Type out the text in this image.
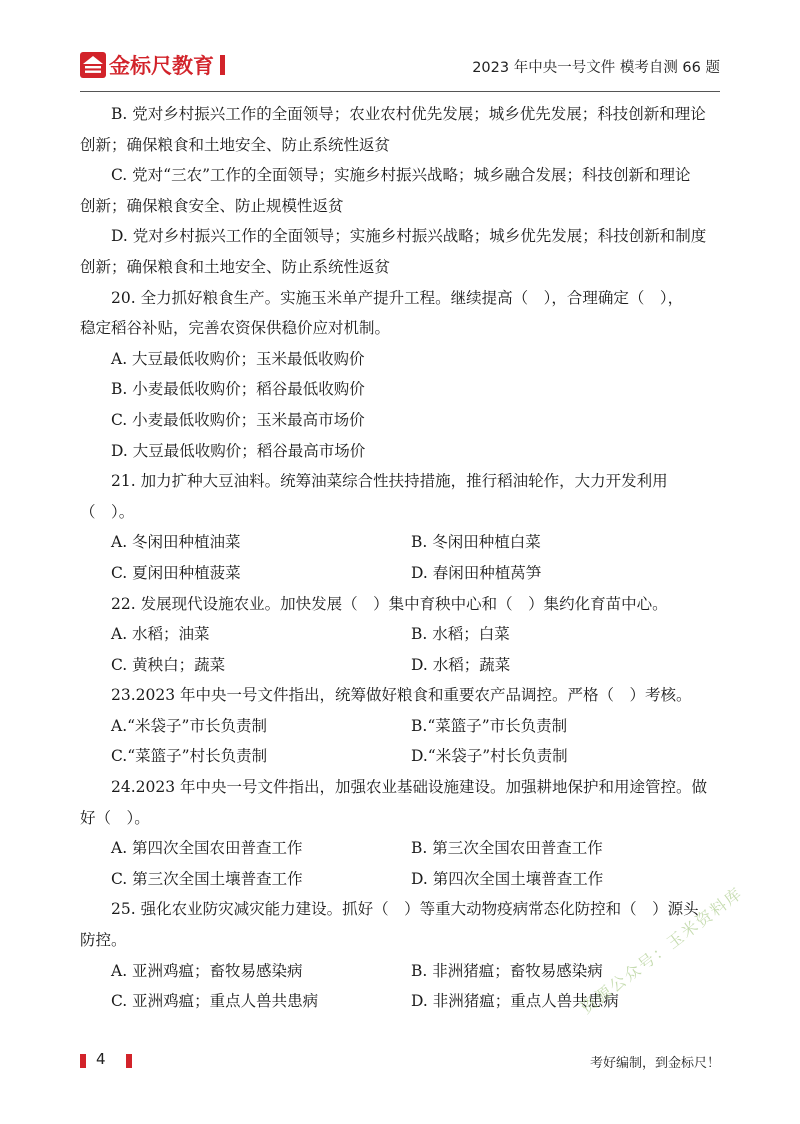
金标尺教育	2023 年中央一号文件 模考自测 66 题
B. 党对乡村振兴工作的全面领导；农业农村优先发展；城乡优先发展；科技创新和理论
创新；确保粮食和土地安全、防止系统性返贫
C. 党对“三农”工作的全面领导；实施乡村振兴战略；城乡融合发展；科技创新和理论
创新；确保粮食安全、防止规模性返贫
D. 党对乡村振兴工作的全面领导；实施乡村振兴战略；城乡优先发展；科技创新和制度
创新；确保粮食和土地安全、防止系统性返贫
20. 全力抓好粮食生产。实施玉米单产提升工程。继续提高（　），合理确定（　），
稳定稻谷补贴，完善农资保供稳价应对机制。
A. 大豆最低收购价；玉米最低收购价
B. 小麦最低收购价；稻谷最低收购价
C. 小麦最低收购价；玉米最高市场价
D. 大豆最低收购价；稻谷最高市场价
21. 加力扩种大豆油料。统筹油菜综合性扶持措施，推行稻油轮作，大力开发利用
（　）。
A. 冬闲田种植油菜	B. 冬闲田种植白菜
C. 夏闲田种植菠菜	D. 春闲田种植莴笋
22. 发展现代设施农业。加快发展（　）集中育秧中心和（　）集约化育苗中心。
A. 水稻；油菜	B. 水稻；白菜
C. 黄秧白；蔬菜	D. 水稻；蔬菜
23.2023 年中央一号文件指出，统筹做好粮食和重要农产品调控。严格（　）考核。
A.“米袋子”市长负责制	B.“菜篮子”市长负责制
C.“菜篮子”村长负责制	D.“米袋子”村长负责制
24.2023 年中央一号文件指出，加强农业基础设施建设。加强耕地保护和用途管控。做
好（　）。
A. 第四次全国农田普查工作	B. 第三次全国农田普查工作
C. 第三次全国土壤普查工作	D. 第四次全国土壤普查工作
25. 强化农业防灾减灾能力建设。抓好（　）等重大动物疫病常态化防控和（　）源头
防控。
A. 亚洲鸡瘟；畜牧易感染病	B. 非洲猪瘟；畜牧易感染病
C. 亚洲鸡瘟；重点人兽共患病	D. 非洲猪瘟；重点人兽共患病
资源公众号：玉米资料库
4	考好编制，到金标尺！
